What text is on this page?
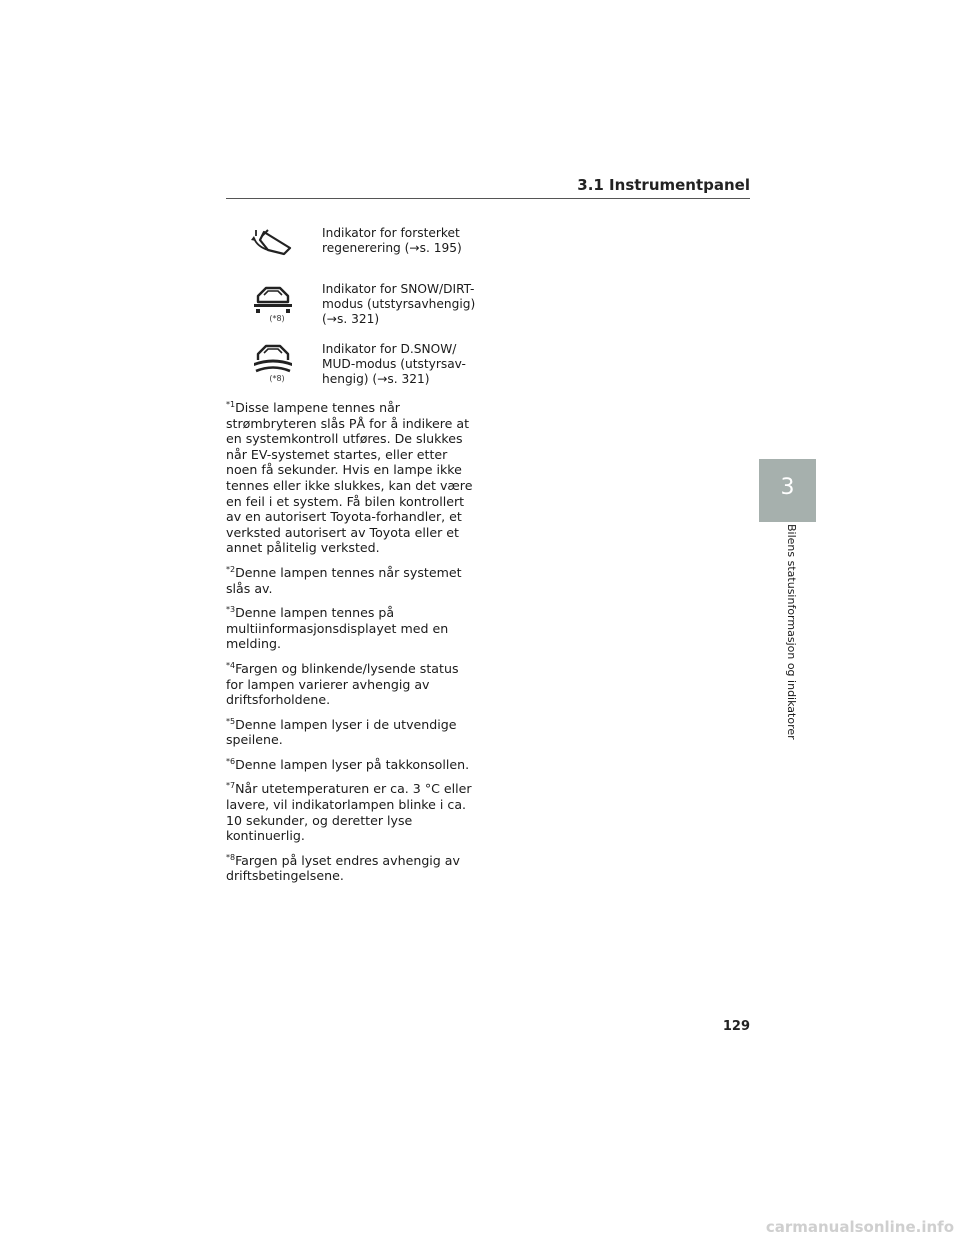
3.1 Instrumentpanel
Indikator for forsterket
regenerering (→s. 195)
(*8)
Indikator for SNOW/DIRT-
modus (utstyrsavhengig)
(→s. 321)
(*8)
Indikator for D.SNOW/
MUD-modus (utstyrsav-
hengig) (→s. 321)

$^{*1}$Disse lampene tennes når strømbryteren slås PÅ for å indikere at en systemkontroll utføres. De slukkes når EV-systemet startes, eller etter noen få sekunder. Hvis en lampe ikke tennes eller ikke slukkes, kan det være en feil i et system. Få bilen kontrollert av en autorisert Toyota-forhandler, et verksted autorisert av Toyota eller et annet pålitelig verksted.

$^{*2}$Denne lampen tennes når systemet slås av.

$^{*3}$Denne lampen tennes på multiinformasjonsdisplayet med en melding.

$^{*4}$Fargen og blinkende/lysende status for lampen varierer avhengig av driftsforholdene.

$^{*5}$Denne lampen lyser i de utvendige speilene.

$^{*6}$Denne lampen lyser på takkonsollen.

$^{*7}$Når utetemperaturen er ca. 3 °C eller lavere, vil indikatorlampen blinke i ca. 10 sekunder, og deretter lyse kontinuerlig.

$^{*8}$Fargen på lyset endres avhengig av driftsbetingelsene.

3
Bilens statusinformasjon og indikatorer
129
carmanualsonline.info
